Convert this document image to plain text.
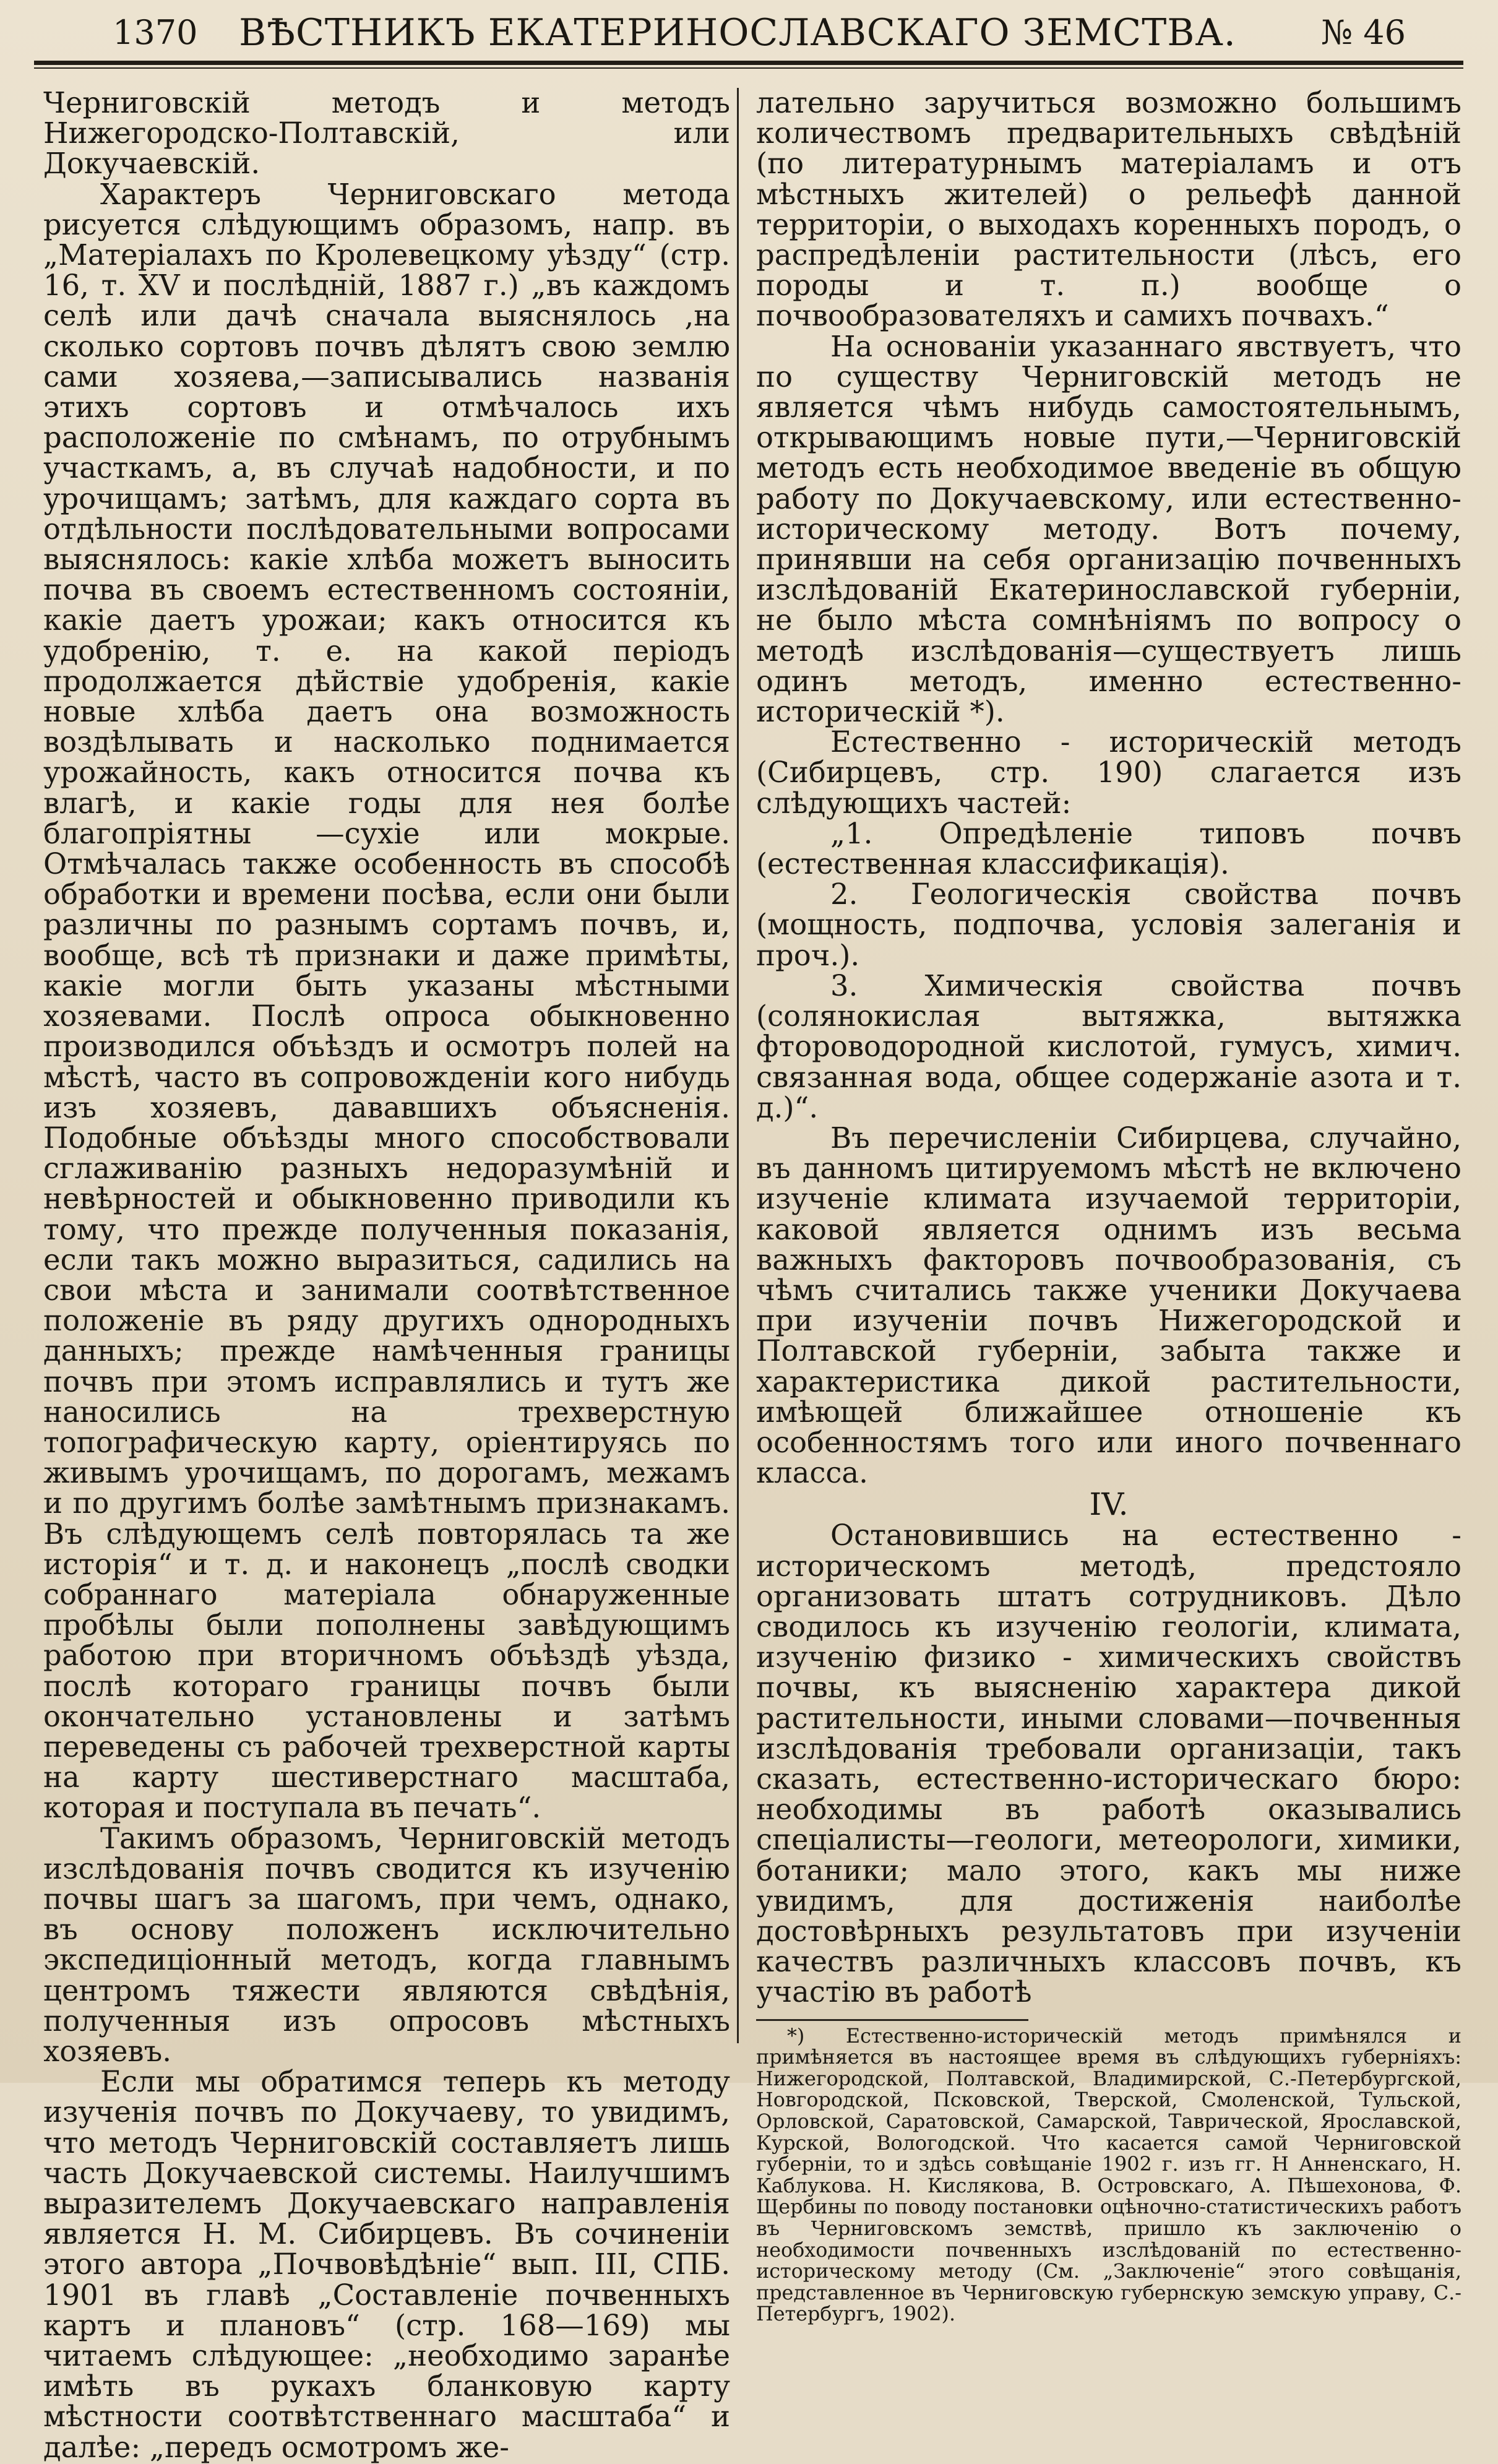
1370	ВѢСТНИКЪ ЕКАТЕРИНОСЛАВСКАГО ЗЕМСТВА.	№ 46

Черниговскій методъ и методъ Нижегородско-Полтавскій, или Докучаевскій.

Характеръ Черниговскаго метода рисуется слѣдующимъ образомъ, напр. въ „Матеріалахъ по Кролевецкому уѣзду“ (стр. 16, т. XV и послѣдній, 1887 г.) „въ каждомъ селѣ или дачѣ сначала выяснялось ,на сколько сортовъ почвъ дѣлятъ свою землю сами хозяева,—записывались названія этихъ сортовъ и отмѣчалось ихъ расположеніе по смѣнамъ, по отрубнымъ участкамъ, а, въ случаѣ надобности, и по урочищамъ; затѣмъ, для каждаго сорта въ отдѣльности послѣдовательными вопросами выяснялось: какіе хлѣба можетъ выносить почва въ своемъ естественномъ состояніи, какіе даетъ урожаи; какъ относится къ удобренію, т. е. на какой періодъ продолжается дѣйствіе удобренія, какіе новые хлѣба даетъ она возможность воздѣлывать и насколько поднимается урожайность, какъ относится почва къ влагѣ, и какіе годы для нея болѣе благопріятны —сухіе или мокрые. Отмѣчалась также особенность въ способѣ обработки и времени посѣва, если они были различны по разнымъ сортамъ почвъ, и, вообще, всѣ тѣ признаки и даже примѣты, какіе могли быть указаны мѣстными хозяевами. Послѣ опроса обыкновенно производился объѣздъ и осмотръ полей на мѣстѣ, часто въ сопровожденіи кого нибудь изъ хозяевъ, дававшихъ объясненія. Подобные объѣзды много способствовали сглаживанію разныхъ недоразумѣній и невѣрностей и обыкновенно приводили къ тому, что прежде полученныя показанія, если такъ можно выразиться, садились на свои мѣста и занимали соотвѣтственное положеніе въ ряду другихъ однородныхъ данныхъ; прежде намѣченныя границы почвъ при этомъ исправлялись и тутъ же наносились на трехверстную топографическую карту, оріентируясь по живымъ урочищамъ, по дорогамъ, межамъ и по другимъ болѣе замѣтнымъ признакамъ. Въ слѣдующемъ селѣ повторялась та же исторія“ и т. д. и наконецъ „послѣ сводки собраннаго матеріала обнаруженные пробѣлы были пополнены завѣдующимъ работою при вторичномъ объѣздѣ уѣзда, послѣ котораго границы почвъ были окончательно установлены и затѣмъ переведены съ рабочей трехверстной карты на карту шестиверстнаго масштаба, которая и поступала въ печать“.

Такимъ образомъ, Черниговскій методъ изслѣдованія почвъ сводится къ изученію почвы шагъ за шагомъ, при чемъ, однако, въ основу положенъ исключительно экспедиціонный методъ, когда главнымъ центромъ тяжести являются свѣдѣнія, полученныя изъ опросовъ мѣстныхъ хозяевъ.

Если мы обратимся теперь къ методу изученія почвъ по Докучаеву, то увидимъ, что методъ Черниговскій составляетъ лишь часть Докучаевской системы. Наилучшимъ выразителемъ Докучаевскаго направленія является Н. М. Сибирцевъ. Въ сочиненіи этого автора „Почвовѣдѣніе“ вып. III, СПБ. 1901 въ главѣ „Составленіе почвенныхъ картъ и плановъ“ (стр. 168—169) мы читаемъ слѣдующее: „необходимо заранѣе имѣть въ рукахъ бланковую карту мѣстности соотвѣтственнаго масштаба“ и далѣе: „передъ осмотромъ же-

лательно заручиться возможно большимъ количествомъ предварительныхъ свѣдѣній (по литературнымъ матеріаламъ и отъ мѣстныхъ жителей) о рельефѣ данной территоріи, о выходахъ коренныхъ породъ, о распредѣленіи растительности (лѣсъ, его породы и т. п.) вообще о почвообразователяхъ и самихъ почвахъ.“

На основаніи указаннаго явствуетъ, что по существу Черниговскій методъ не является чѣмъ нибудь самостоятельнымъ, открывающимъ новые пути,—Черниговскій методъ есть необходимое введеніе въ общую работу по Докучаевскому, или естественно-историческому методу. Вотъ почему, принявши на себя организацію почвенныхъ изслѣдованій Екатеринославской губерніи, не было мѣста сомнѣніямъ по вопросу о методѣ изслѣдованія—существуетъ лишь одинъ методъ, именно естественно-историческій *).

Естественно - историческій методъ (Сибирцевъ, стр. 190) слагается изъ слѣдующихъ частей:

„1. Опредѣленіе типовъ почвъ (естественная классификація).

2. Геологическія свойства почвъ (мощность, подпочва, условія залеганія и проч.).

3. Химическія свойства почвъ (солянокислая вытяжка, вытяжка фтороводородной кислотой, гумусъ, химич. связанная вода, общее содержаніе азота и т. д.)“.

Въ перечисленіи Сибирцева, случайно, въ данномъ цитируемомъ мѣстѣ не включено изученіе климата изучаемой территоріи, каковой является однимъ изъ весьма важныхъ факторовъ почвообразованія, съ чѣмъ считались также ученики Докучаева при изученіи почвъ Нижегородской и Полтавской губерніи, забыта также и характеристика дикой растительности, имѣющей ближайшее отношеніе къ особенностямъ того или иного почвеннаго класса.

IV.

Остановившись на естественно - историческомъ методѣ, предстояло организовать штатъ сотрудниковъ. Дѣло сводилось къ изученію геологіи, климата, изученію физико - химическихъ свойствъ почвы, къ выясненію характера дикой растительности, иными словами—почвенныя изслѣдованія требовали организаціи, такъ сказать, естественно-историческаго бюро: необходимы въ работѣ оказывались спеціалисты—геологи, метеорологи, химики, ботаники; мало этого, какъ мы ниже увидимъ, для достиженія наиболѣе достовѣрныхъ результатовъ при изученіи качествъ различныхъ классовъ почвъ, къ участію въ работѣ

*) Естественно-историческій методъ примѣнялся и примѣняется въ настоящее время въ слѣдующихъ губерніяхъ: Нижегородской, Полтавской, Владимирской, С.-Петербургской, Новгородской, Псковской, Тверской, Смоленской, Тульской, Орловской, Саратовской, Самарской, Таврической, Ярославской, Курской, Вологодской. Что касается самой Черниговской губерніи, то и здѣсь совѣщаніе 1902 г. изъ гг. Н Анненскаго, Н. Каблукова. Н. Кислякова, В. Островскаго, А. Пѣшехонова, Ф. Щербины по поводу постановки оцѣночно-статистическихъ работъ въ Черниговскомъ земствѣ, пришло къ заключенію о необходимости почвенныхъ изслѣдованій по естественно-историческому методу (См. „Заключеніе“ этого совѣщанія, представленное въ Черниговскую губернскую земскую управу, С.-Петербургъ, 1902).
